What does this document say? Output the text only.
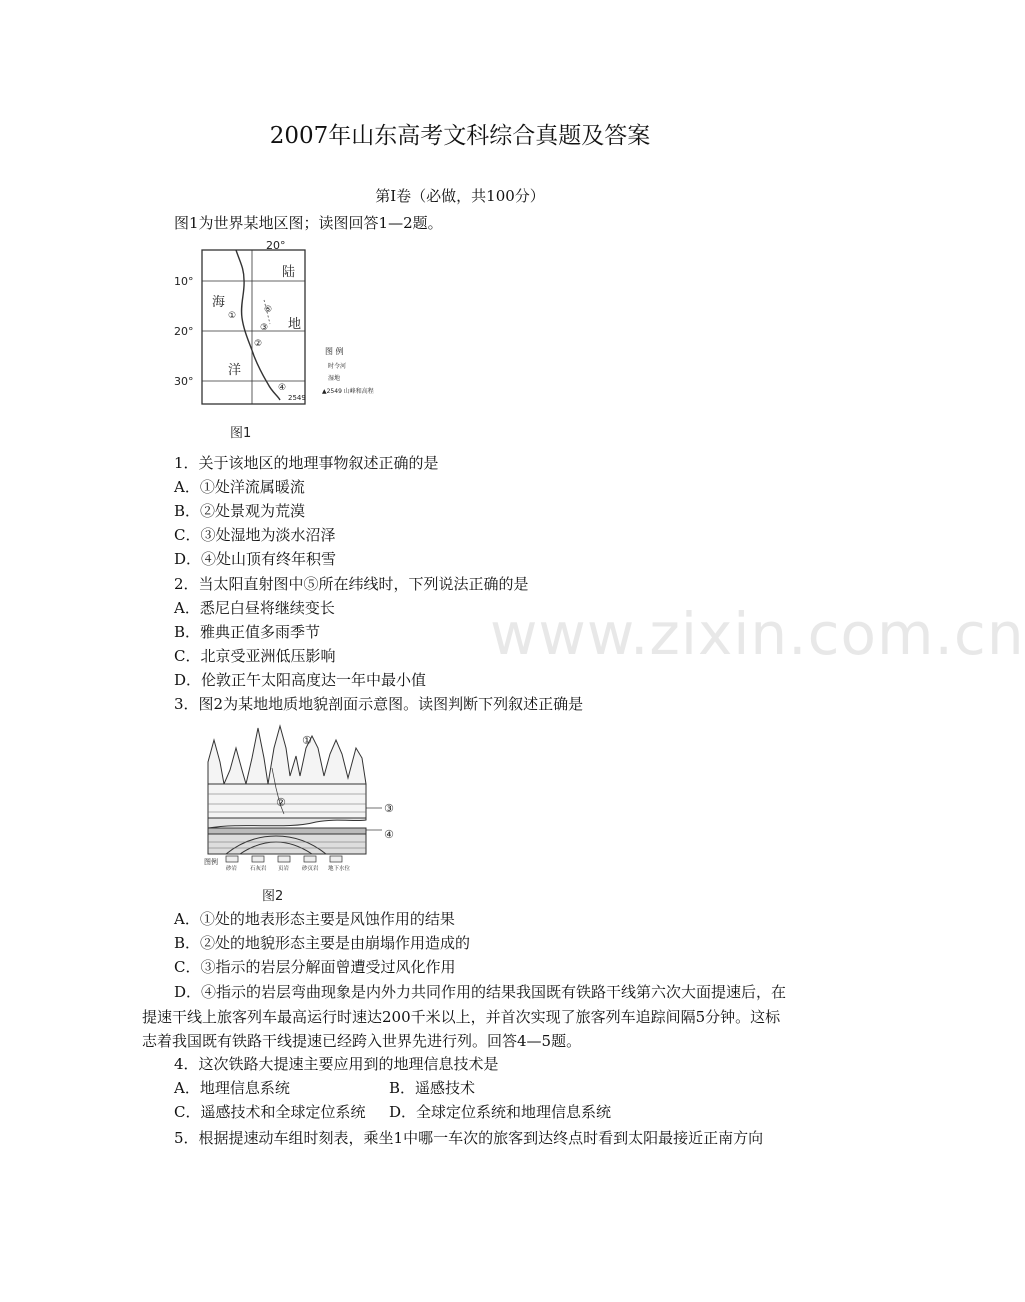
2007年山东高考文科综合真题及答案
第Ⅰ卷（必做，共100分）
图1为世界某地区图；读图回答1—2题。
20°
10°
20°
30°
陆
地
海
洋
①
②
③
④
⑤
2549
图 例
时令河
湿地
▲2549 山峰和高程
图1
1．关于该地区的地理事物叙述正确的是
A．①处洋流属暖流
B．②处景观为荒漠
C．③处湿地为淡水沼泽
D．④处山顶有终年积雪
2．当太阳直射图中⑤所在纬线时，下列说法正确的是
A．悉尼白昼将继续变长
B．雅典正值多雨季节
C．北京受亚洲低压影响
D．伦敦正午太阳高度达一年中最小值
3．图2为某地地质地貌剖面示意图。读图判断下列叙述正确是
①
②	③
④
图例
砂岩 石灰岩 页岩 砂页岩 地下水位
图2
A．①处的地表形态主要是风蚀作用的结果
B．②处的地貌形态主要是由崩塌作用造成的
C．③指示的岩层分解面曾遭受过风化作用
D．④指示的岩层弯曲现象是内外力共同作用的结果我国既有铁路干线第六次大面提速后，在提速干线上旅客列车最高运行时速达200千米以上，并首次实现了旅客列车追踪间隔5分钟。这标志着我国既有铁路干线提速已经跨入世界先进行列。回答4—5题。
4．这次铁路大提速主要应用到的地理信息技术是
A．地理信息系统	B．遥感技术
C．遥感技术和全球定位系统 D．全球定位系统和地理信息系统
5．根据提速动车组时刻表，乘坐1中哪一车次的旅客到达终点时看到太阳最接近正南方向
www.zixin.com.cn
